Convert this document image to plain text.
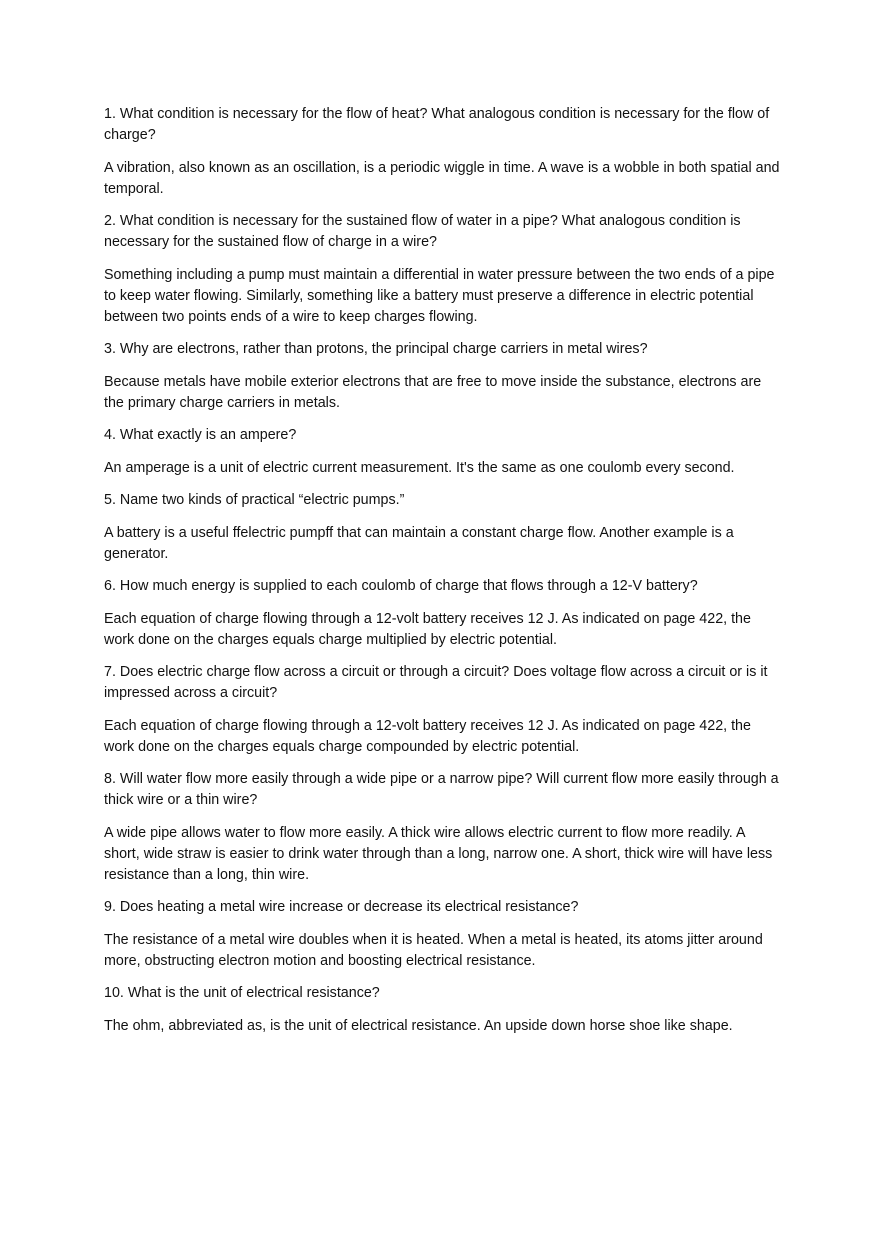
1. What condition is necessary for the flow of heat? What analogous condition is necessary for the flow of charge?

A vibration, also known as an oscillation, is a periodic wiggle in time. A wave is a wobble in both spatial and temporal.

2. What condition is necessary for the sustained flow of water in a pipe? What analogous condition is necessary for the sustained flow of charge in a wire?

Something including a pump must maintain a differential in water pressure between the two ends of a pipe to keep water flowing. Similarly, something like a battery must preserve a difference in electric potential between two points ends of a wire to keep charges flowing.

3. Why are electrons, rather than protons, the principal charge carriers in metal wires?

Because metals have mobile exterior electrons that are free to move inside the substance, electrons are the primary charge carriers in metals.

4. What exactly is an ampere?

An amperage is a unit of electric current measurement. It's the same as one coulomb every second.

5. Name two kinds of practical “electric pumps.”

A battery is a useful ffelectric pumpff that can maintain a constant charge flow. Another example is a generator.

6. How much energy is supplied to each coulomb of charge that flows through a 12-V battery?

Each equation of charge flowing through a 12-volt battery receives 12 J. As indicated on page 422, the work done on the charges equals charge multiplied by electric potential.

7. Does electric charge flow across a circuit or through a circuit? Does voltage flow across a circuit or is it impressed across a circuit?

Each equation of charge flowing through a 12-volt battery receives 12 J. As indicated on page 422, the work done on the charges equals charge compounded by electric potential.

8. Will water flow more easily through a wide pipe or a narrow pipe? Will current flow more easily through a thick wire or a thin wire?

A wide pipe allows water to flow more easily. A thick wire allows electric current to flow more readily. A short, wide straw is easier to drink water through than a long, narrow one. A short, thick wire will have less resistance than a long, thin wire.

9. Does heating a metal wire increase or decrease its electrical resistance?

The resistance of a metal wire doubles when it is heated. When a metal is heated, its atoms jitter around more, obstructing electron motion and boosting electrical resistance.

10. What is the unit of electrical resistance?

The ohm, abbreviated as, is the unit of electrical resistance. An upside down horse shoe like shape.
